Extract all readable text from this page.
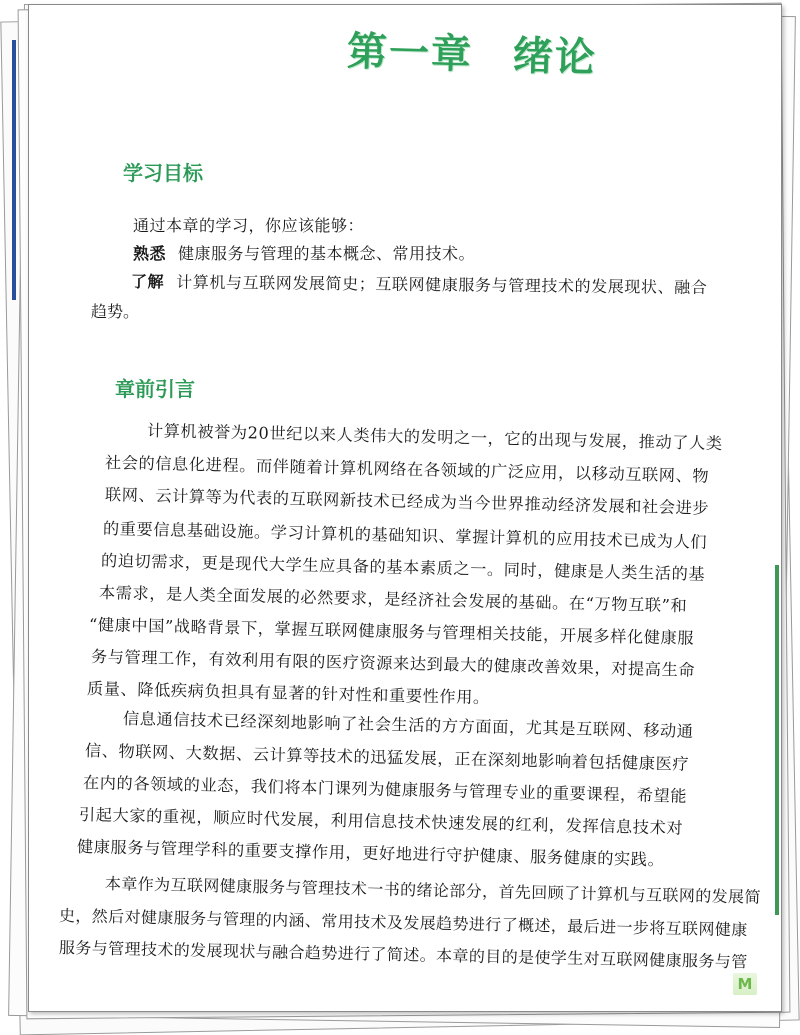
第一章 绪论
学习目标
通过本章的学习，你应该能够：
熟悉 健康服务与管理的基本概念、常用技术。
了解 计算机与互联网发展简史；互联网健康服务与管理技术的发展现状、融合
趋势。
章前引言
计算机被誉为20世纪以来人类伟大的发明之一，它的出现与发展，推动了人类
社会的信息化进程。而伴随着计算机网络在各领域的广泛应用，以移动互联网、物
联网、云计算等为代表的互联网新技术已经成为当今世界推动经济发展和社会进步
的重要信息基础设施。学习计算机的基础知识、掌握计算机的应用技术已成为人们
的迫切需求，更是现代大学生应具备的基本素质之一。同时，健康是人类生活的基
本需求，是人类全面发展的必然要求，是经济社会发展的基础。在“万物互联”和
“健康中国”战略背景下，掌握互联网健康服务与管理相关技能，开展多样化健康服
务与管理工作，有效利用有限的医疗资源来达到最大的健康改善效果，对提高生命
质量、降低疾病负担具有显著的针对性和重要性作用。
信息通信技术已经深刻地影响了社会生活的方方面面，尤其是互联网、移动通
信、物联网、大数据、云计算等技术的迅猛发展，正在深刻地影响着包括健康医疗
在内的各领域的业态，我们将本门课列为健康服务与管理专业的重要课程，希望能
引起大家的重视，顺应时代发展，利用信息技术快速发展的红利，发挥信息技术对
健康服务与管理学科的重要支撑作用，更好地进行守护健康、服务健康的实践。
本章作为互联网健康服务与管理技术一书的绪论部分，首先回顾了计算机与互联网的发展简
史，然后对健康服务与管理的内涵、常用技术及发展趋势进行了概述，最后进一步将互联网健康
服务与管理技术的发展现状与融合趋势进行了简述。本章的目的是使学生对互联网健康服务与管
M
